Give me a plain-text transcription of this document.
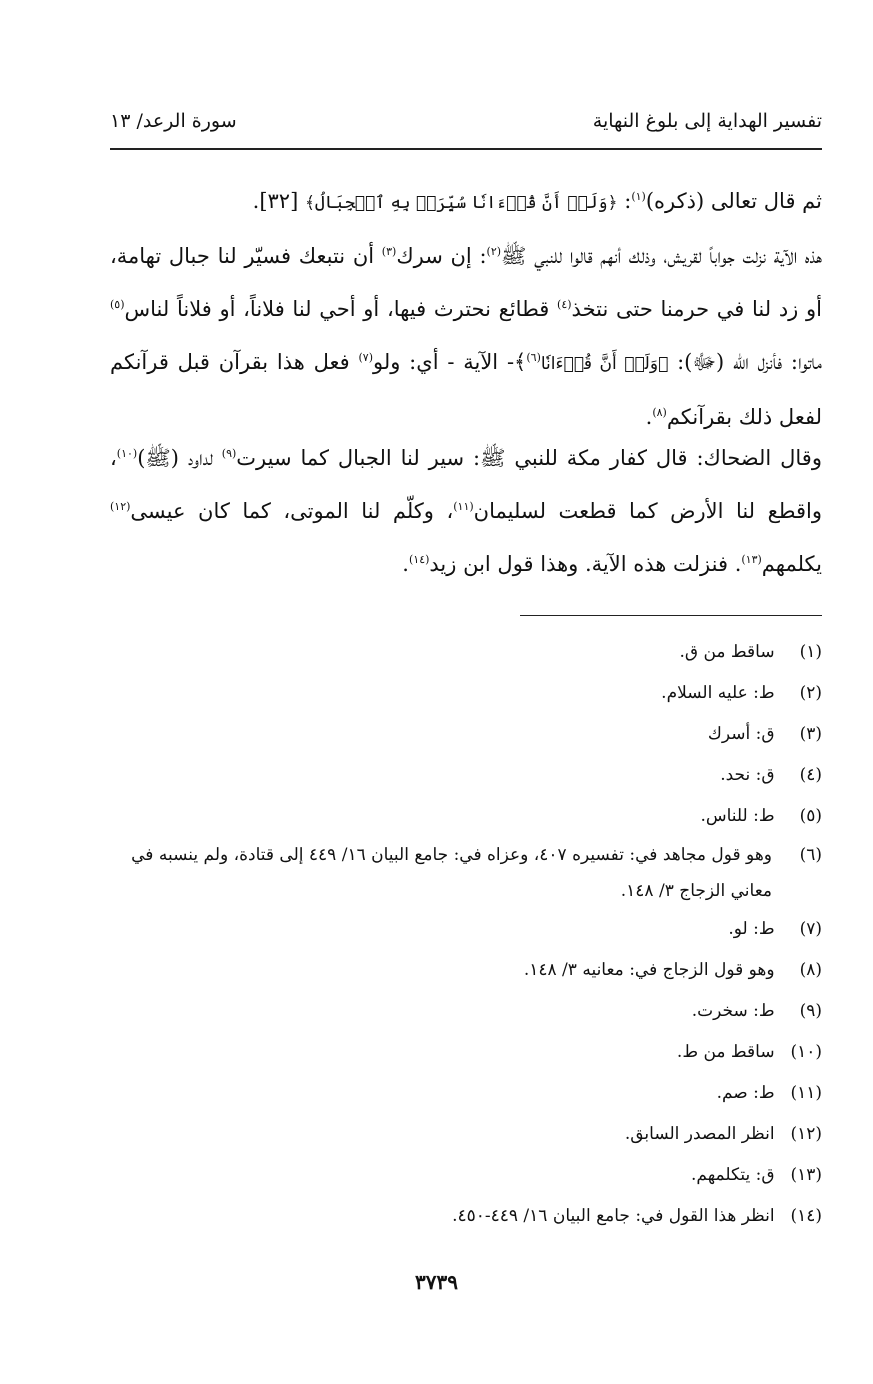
تفسير الهداية إلى بلوغ النهاية
سورة الرعد/ ١٣
ثم قال تعالى (ذكره)$^{(١)}$: ﴿وَلَوۡ أَنَّ قُرۡءَانٗا سُيِّرَتۡ بِهِ ٱلۡجِبَالُ﴾ [٣٢].
هذه الآية نزلت جواباً لقريش، وذلك أنهم قالوا للنبي ﷺ$^{(٢)}$: إن سرك$^{(٣)}$ أن نتبعك فسيّر لنا جبال تهامة، أو زد لنا في حرمنا حتى نتخذ$^{(٤)}$ قطائع نحترث فيها، أو أحي لنا فلاناً، أو فلاناً لناس$^{(٥)}$ ماتوا: فأنزل الله (ﷻ): ﴿وَلَوۡ أَنَّ قُرۡءَانٗا$^{(٦)}$﴾- الآية - أي: ولو$^{(٧)}$ فعل هذا بقرآن قبل قرآنكم لفعل ذلك بقرآنكم$^{(٨)}$.
وقال الضحاك: قال كفار مكة للنبي ﷺ: سير لنا الجبال كما سيرت$^{(٩)}$ لداود (ﷺ)$^{(١٠)}$، واقطع لنا الأرض كما قطعت لسليمان$^{(١١)}$، وكلّم لنا الموتى، كما كان عيسى$^{(١٢)}$ يكلمهم$^{(١٣)}$. فنزلت هذه الآية. وهذا قول ابن زيد$^{(١٤)}$.
(١) ساقط من ق.
(٢) ط: عليه السلام.
(٣) ق: أسرك
(٤) ق: نحد.
(٥) ط: للناس.
(٦)
وهو قول مجاهد في: تفسيره ٤٠٧، وعزاه في: جامع البيان ١٦/ ٤٤٩ إلى قتادة، ولم ينسبه في معاني الزجاج ٣/ ١٤٨.
(٧) ط: لو.
(٨) وهو قول الزجاج في: معانيه ٣/ ١٤٨.
(٩) ط: سخرت.
(١٠) ساقط من ط.
(١١) ط: صم.
(١٢) انظر المصدر السابق.
(١٣) ق: يتكلمهم.
(١٤) انظر هذا القول في: جامع البيان ١٦/ ٤٤٩-٤٥٠.
٣٧٣٩
